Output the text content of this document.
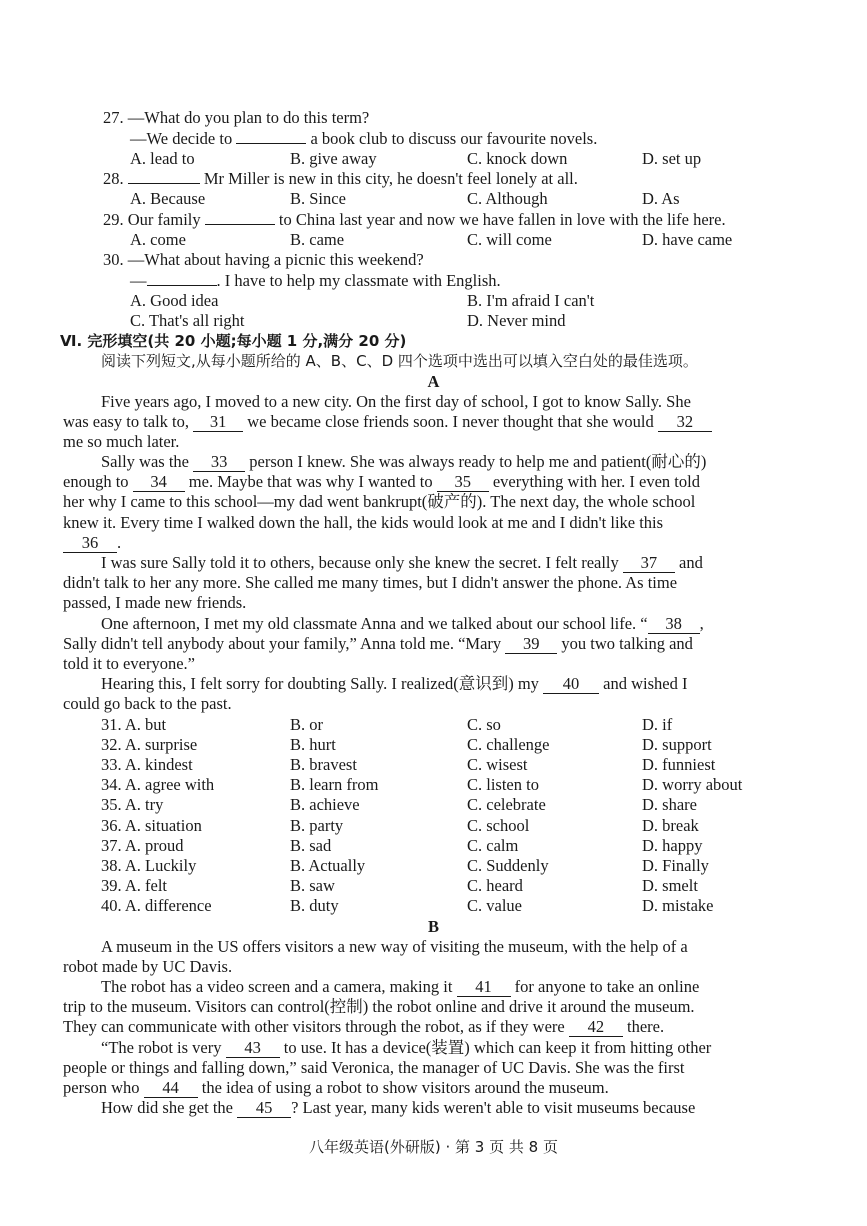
27. —What do you plan to do this term?
—We decide to	a book club to discuss our favourite novels.
A. lead to	B. give away	C. knock down	D. set up
28.	Mr Miller is new in this city, he doesn't feel lonely at all.
A. Because	B. Since	C. Although	D. As
29. Our family	to China last year and now we have fallen in love with the life here.
A. come	B. came	C. will come	D. have came
30. —What about having a picnic this weekend?
—	. I have to help my classmate with English.
A. Good idea	B. I'm afraid I can't
C. That's all right	D. Never mind
Ⅵ. 完形填空(共 20 小题;每小题 1 分,满分 20 分)
阅读下列短文,从每小题所给的 A、B、C、D 四个选项中选出可以填入空白处的最佳选项。
A
Five years ago, I moved to a new city. On the first day of school, I got to know Sally. She
was easy to talk to, 31 we became close friends soon. I never thought that she would 32
me so much later.
Sally was the 33 person I knew. She was always ready to help me and patient(耐心的)
enough to 34 me. Maybe that was why I wanted to 35 everything with her. I even told
her why I came to this school—my dad went bankrupt(破产的). The next day, the whole school
knew it. Every time I walked down the hall, the kids would look at me and I didn't like this
36 .
I was sure Sally told it to others, because only she knew the secret. I felt really 37 and
didn't talk to her any more. She called me many times, but I didn't answer the phone. As time
passed, I made new friends.
One afternoon, I met my old classmate Anna and we talked about our school life. “ 38 ,
Sally didn't tell anybody about your family,” Anna told me. “Mary 39 you two talking and
told it to everyone.”
Hearing this, I felt sorry for doubting Sally. I realized(意识到) my 40 and wished I
could go back to the past.
31. A. but	B. or	C. so	D. if
32. A. surprise	B. hurt	C. challenge	D. support
33. A. kindest	B. bravest	C. wisest	D. funniest
34. A. agree with	B. learn from	C. listen to	D. worry about
35. A. try	B. achieve	C. celebrate	D. share
36. A. situation	B. party	C. school	D. break
37. A. proud	B. sad	C. calm	D. happy
38. A. Luckily	B. Actually	C. Suddenly	D. Finally
39. A. felt	B. saw	C. heard	D. smelt
40. A. difference	B. duty	C. value	D. mistake
B
A museum in the US offers visitors a new way of visiting the museum, with the help of a
robot made by UC Davis.
The robot has a video screen and a camera, making it 41 for anyone to take an online
trip to the museum. Visitors can control(控制) the robot online and drive it around the museum.
They can communicate with other visitors through the robot, as if they were 42 there.
“The robot is very 43 to use. It has a device(装置) which can keep it from hitting other
people or things and falling down,” said Veronica, the manager of UC Davis. She was the first
person who 44 the idea of using a robot to show visitors around the museum.
How did she get the 45 ? Last year, many kids weren't able to visit museums because
八年级英语(外研版) · 第 3 页 共 8 页
